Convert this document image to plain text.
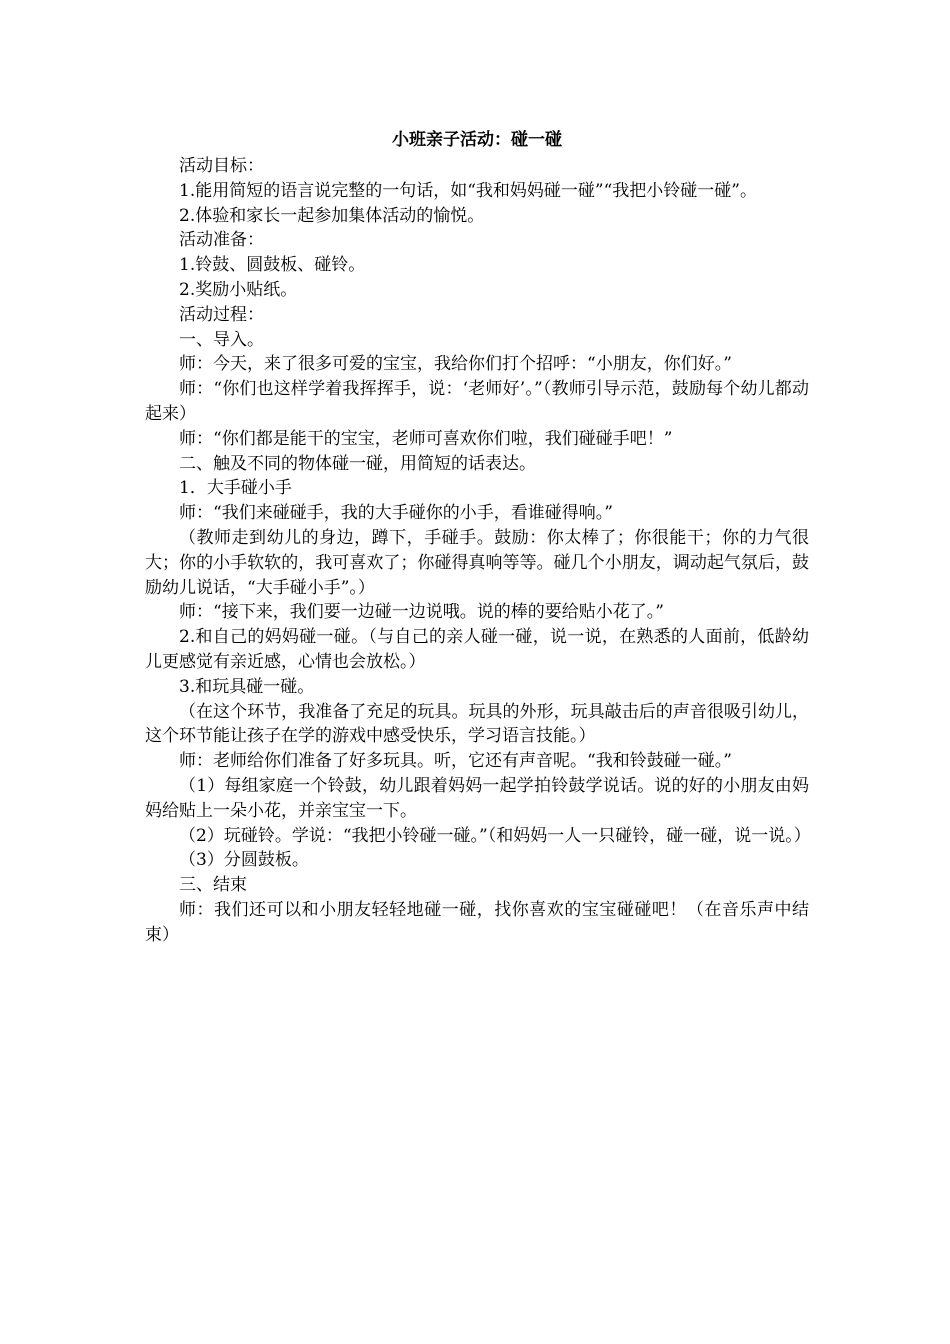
小班亲子活动：碰一碰

活动目标：

1.能用简短的语言说完整的一句话，如“我和妈妈碰一碰”“我把小铃碰一碰”。

2.体验和家长一起参加集体活动的愉悦。

活动准备：

1.铃鼓、圆鼓板、碰铃。

2.奖励小贴纸。

活动过程：

一、导入。

师：今天，来了很多可爱的宝宝，我给你们打个招呼：“小朋友，你们好。”

师：“你们也这样学着我挥挥手，说：‘老师好’。”（教师引导示范，鼓励每个幼儿都动起来）

师：“你们都是能干的宝宝，老师可喜欢你们啦，我们碰碰手吧！”

二、触及不同的物体碰一碰，用简短的话表达。

1．大手碰小手

师：“我们来碰碰手，我的大手碰你的小手，看谁碰得响。”

（教师走到幼儿的身边，蹲下，手碰手。鼓励：你太棒了；你很能干；你的力气很大；你的小手软软的，我可喜欢了；你碰得真响等等。碰几个小朋友，调动起气氛后，鼓励幼儿说话，“大手碰小手”。）

师：“接下来，我们要一边碰一边说哦。说的棒的要给贴小花了。”

2.和自己的妈妈碰一碰。（与自己的亲人碰一碰，说一说，在熟悉的人面前，低龄幼儿更感觉有亲近感，心情也会放松。）

3.和玩具碰一碰。

（在这个环节，我准备了充足的玩具。玩具的外形，玩具敲击后的声音很吸引幼儿，这个环节能让孩子在学的游戏中感受快乐，学习语言技能。）

师：老师给你们准备了好多玩具。听，它还有声音呢。“我和铃鼓碰一碰。”

（1）每组家庭一个铃鼓，幼儿跟着妈妈一起学拍铃鼓学说话。说的好的小朋友由妈妈给贴上一朵小花，并亲宝宝一下。

（2）玩碰铃。学说：“我把小铃碰一碰。”（和妈妈一人一只碰铃，碰一碰，说一说。）

（3）分圆鼓板。

三、结束

师：我们还可以和小朋友轻轻地碰一碰，找你喜欢的宝宝碰碰吧！（在音乐声中结束）
